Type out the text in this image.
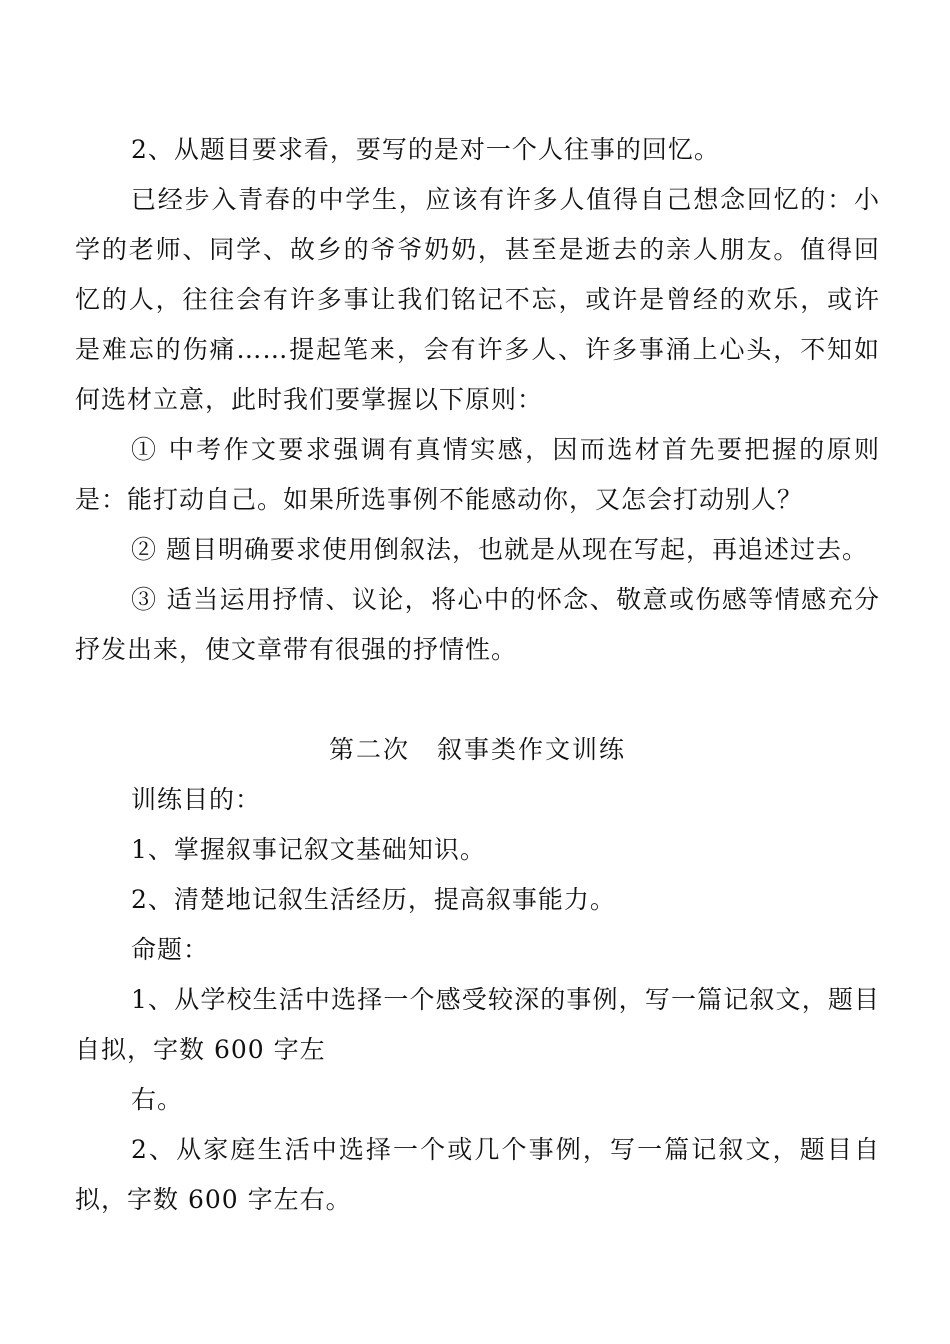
2、从题目要求看，要写的是对一个人往事的回忆。

已经步入青春的中学生，应该有许多人值得自己想念回忆的：小学的老师、同学、故乡的爷爷奶奶，甚至是逝去的亲人朋友。值得回忆的人，往往会有许多事让我们铭记不忘，或许是曾经的欢乐，或许是难忘的伤痛……提起笔来，会有许多人、许多事涌上心头，不知如何选材立意，此时我们要掌握以下原则：

① 中考作文要求强调有真情实感，因而选材首先要把握的原则是：能打动自己。如果所选事例不能感动你，又怎会打动别人？

② 题目明确要求使用倒叙法，也就是从现在写起，再追述过去。

③ 适当运用抒情、议论，将心中的怀念、敬意或伤感等情感充分抒发出来，使文章带有很强的抒情性。

第二次　叙事类作文训练

训练目的：

1、掌握叙事记叙文基础知识。

2、清楚地记叙生活经历，提高叙事能力。

命题：

1、从学校生活中选择一个感受较深的事例，写一篇记叙文，题目自拟，字数 600 字左

右。

2、从家庭生活中选择一个或几个事例，写一篇记叙文，题目自拟，字数 600 字左右。
